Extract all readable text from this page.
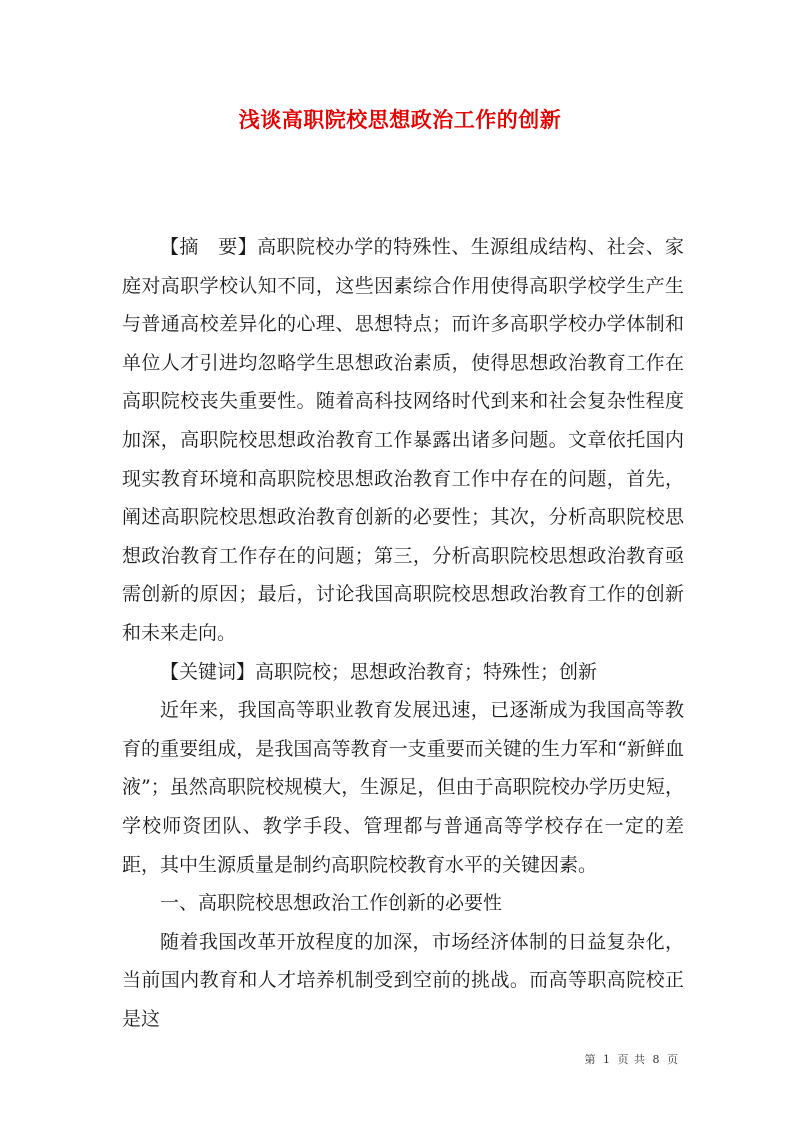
浅谈高职院校思想政治工作的创新

【摘　要】高职院校办学的特殊性、生源组成结构、社会、家庭对高职学校认知不同，这些因素综合作用使得高职学校学生产生与普通高校差异化的心理、思想特点；而许多高职学校办学体制和单位人才引进均忽略学生思想政治素质，使得思想政治教育工作在高职院校丧失重要性。随着高科技网络时代到来和社会复杂性程度加深，高职院校思想政治教育工作暴露出诸多问题。文章依托国内现实教育环境和高职院校思想政治教育工作中存在的问题，首先，阐述高职院校思想政治教育创新的必要性；其次，分析高职院校思想政治教育工作存在的问题；第三，分析高职院校思想政治教育亟需创新的原因；最后，讨论我国高职院校思想政治教育工作的创新和未来走向。

【关键词】高职院校；思想政治教育；特殊性；创新

近年来，我国高等职业教育发展迅速，已逐渐成为我国高等教育的重要组成，是我国高等教育一支重要而关键的生力军和“新鲜血液”；虽然高职院校规模大，生源足，但由于高职院校办学历史短，学校师资团队、教学手段、管理都与普通高等学校存在一定的差距，其中生源质量是制约高职院校教育水平的关键因素。

一、高职院校思想政治工作创新的必要性

随着我国改革开放程度的加深，市场经济体制的日益复杂化，当前国内教育和人才培养机制受到空前的挑战。而高等职高院校正是这

第 1 页 共 8 页
